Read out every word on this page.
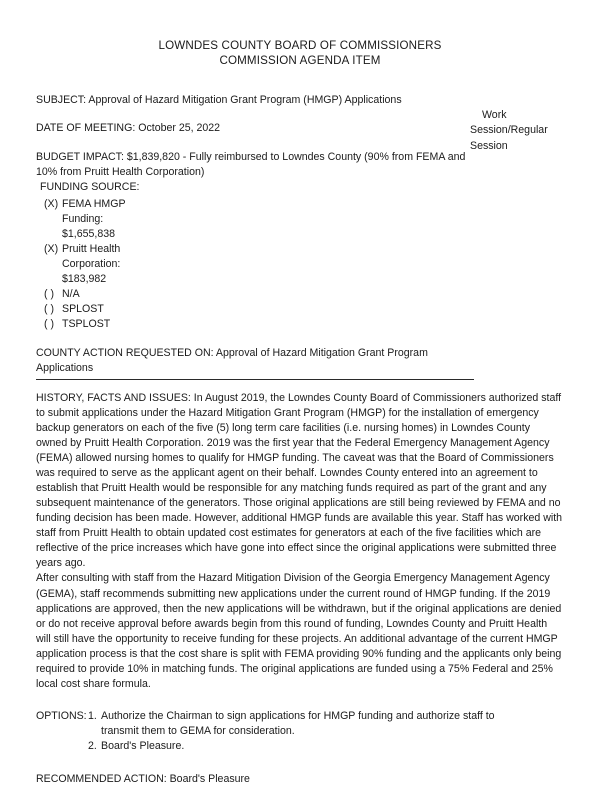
LOWNDES COUNTY BOARD OF COMMISSIONERS
COMMISSION AGENDA ITEM
SUBJECT: Approval of Hazard Mitigation Grant Program (HMGP) Applications
DATE OF MEETING: October 25, 2022
Work
Session/Regular
Session
BUDGET IMPACT: $1,839,820 - Fully reimbursed to Lowndes County (90% from FEMA and 10% from Pruitt Health Corporation)
FUNDING SOURCE:
(X) FEMA HMGP Funding: $1,655,838
(X) Pruitt Health Corporation: $183,982
( ) N/A
( ) SPLOST
( ) TSPLOST
COUNTY ACTION REQUESTED ON: Approval of Hazard Mitigation Grant Program Applications

HISTORY, FACTS AND ISSUES: In August 2019, the Lowndes County Board of Commissioners authorized staff to submit applications under the Hazard Mitigation Grant Program (HMGP) for the installation of emergency backup generators on each of the five (5) long term care facilities (i.e. nursing homes) in Lowndes County owned by Pruitt Health Corporation. 2019 was the first year that the Federal Emergency Management Agency (FEMA) allowed nursing homes to qualify for HMGP funding. The caveat was that the Board of Commissioners was required to serve as the applicant agent on their behalf. Lowndes County entered into an agreement to establish that Pruitt Health would be responsible for any matching funds required as part of the grant and any subsequent maintenance of the generators. Those original applications are still being reviewed by FEMA and no funding decision has been made. However, additional HMGP funds are available this year. Staff has worked with staff from Pruitt Health to obtain updated cost estimates for generators at each of the five facilities which are reflective of the price increases which have gone into effect since the original applications were submitted three years ago.

After consulting with staff from the Hazard Mitigation Division of the Georgia Emergency Management Agency (GEMA), staff recommends submitting new applications under the current round of HMGP funding. If the 2019 applications are approved, then the new applications will be withdrawn, but if the original applications are denied or do not receive approval before awards begin from this round of funding, Lowndes County and Pruitt Health will still have the opportunity to receive funding for these projects. An additional advantage of the current HMGP application process is that the cost share is split with FEMA providing 90% funding and the applicants only being required to provide 10% in matching funds. The original applications are funded using a 75% Federal and 25% local cost share formula.

OPTIONS: 1. Authorize the Chairman to sign applications for HMGP funding and authorize staff to transmit them to GEMA for consideration.
2. Board's Pleasure.
RECOMMENDED ACTION: Board's Pleasure
